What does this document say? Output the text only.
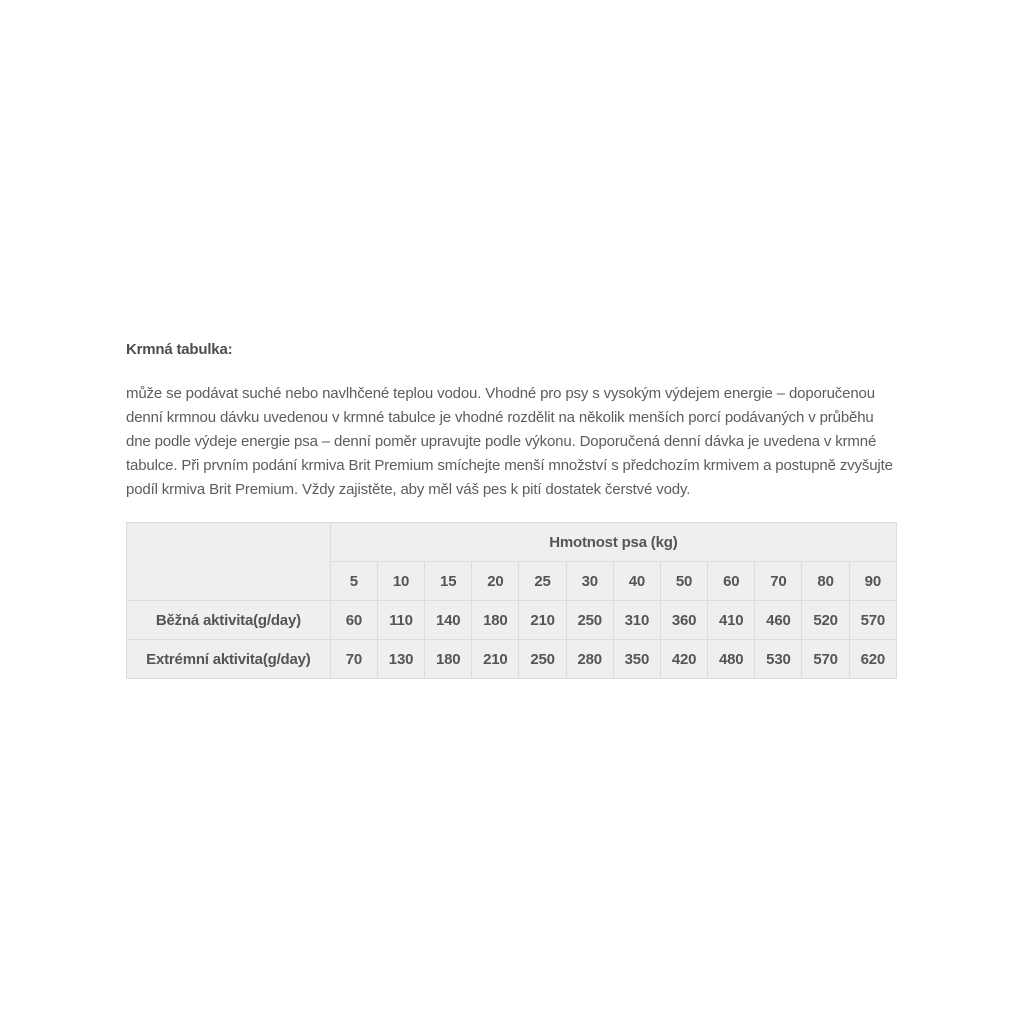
Krmná tabulka:

může se podávat suché nebo navlhčené teplou vodou. Vhodné pro psy s vysokým výdejem energie – doporučenou denní krmnou dávku uvedenou v krmné tabulce je vhodné rozdělit na několik menších porcí podávaných v průběhu dne podle výdeje energie psa – denní poměr upravujte podle výkonu. Doporučená denní dávka je uvedena v krmné tabulce. Při prvním podání krmiva Brit Premium smíchejte menší množství s předchozím krmivem a postupně zvyšujte podíl krmiva Brit Premium. Vždy zajistěte, aby měl váš pes k pití dostatek čerstvé vody.

	Hmotnost psa (kg)											
	5	10	15	20	25	30	40	50	60	70	80	90
Běžná aktivita(g/day)	60	110	140	180	210	250	310	360	410	460	520	570
Extrémní aktivita(g/day)	70	130	180	210	250	280	350	420	480	530	570	620
